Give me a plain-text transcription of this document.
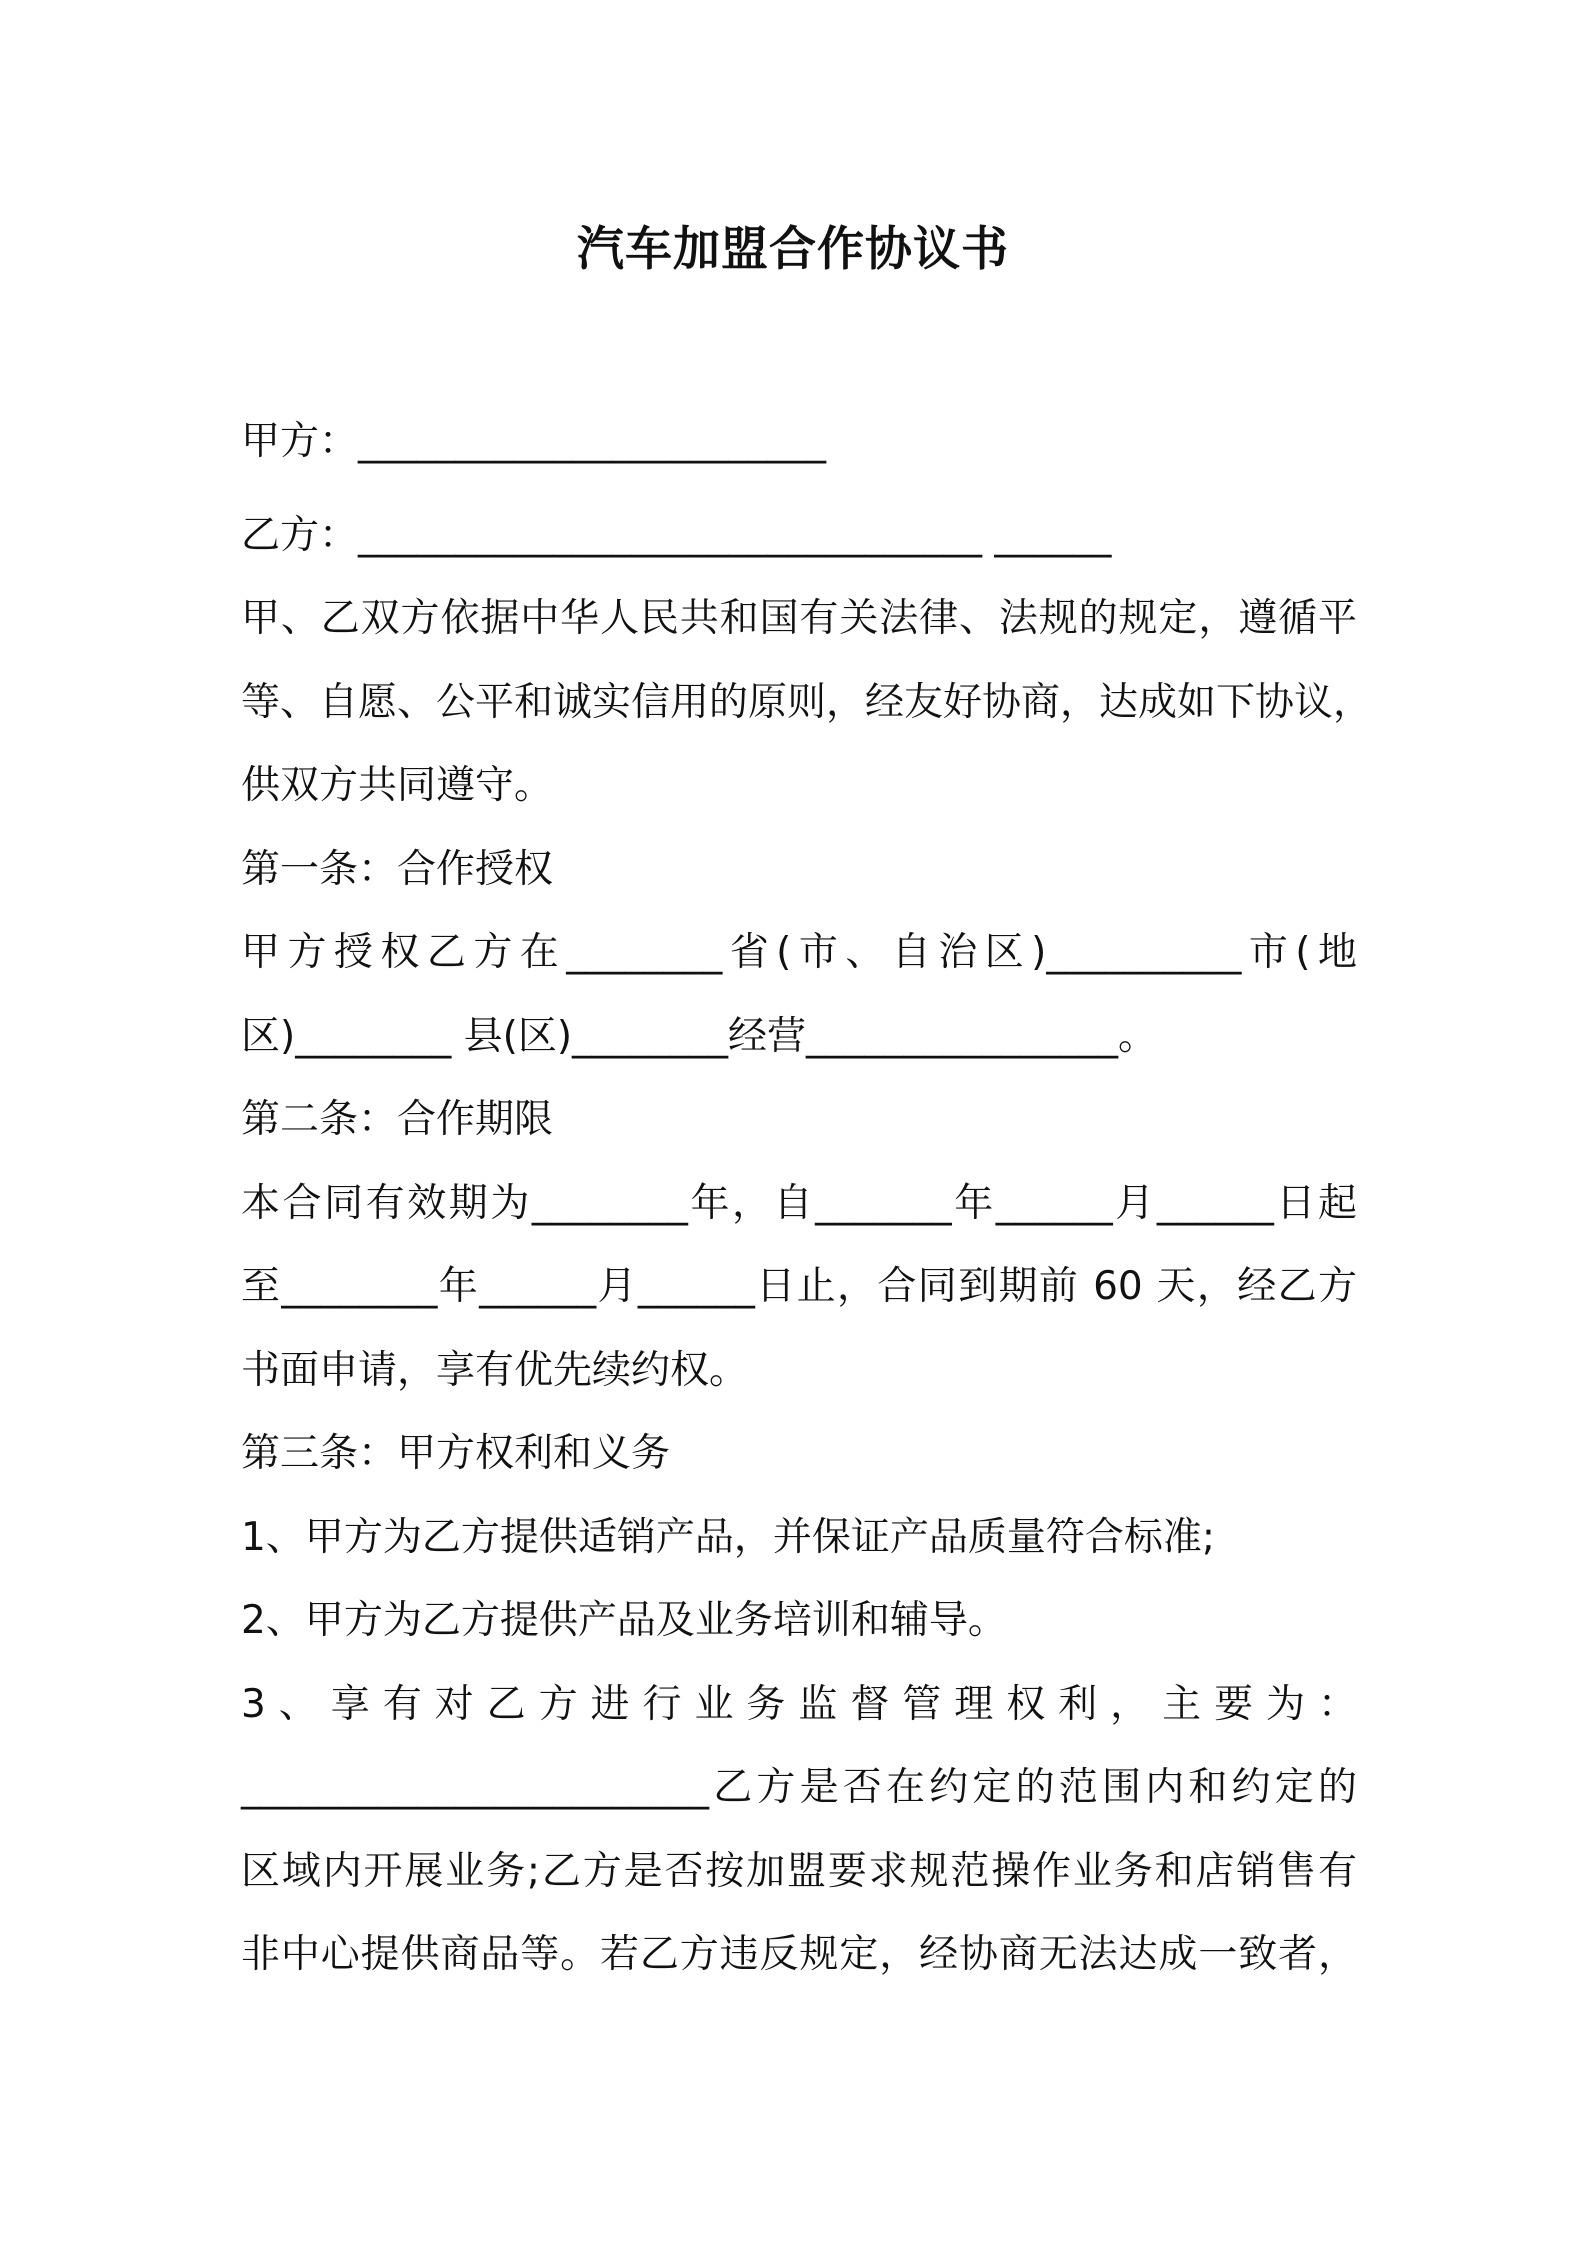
汽车加盟合作协议书
甲方：________________________
乙方：________________________________ ______
甲、乙双方依据中华人民共和国有关法律、法规的规定，遵循平
等、自愿、公平和诚实信用的原则，经友好协商，达成如下协议，
供双方共同遵守。
第一条：合作授权
甲方授权乙方在________省(市、自治区)__________市(地
区)________ 县(区)________经营________________。
第二条：合作期限
本合同有效期为________年，自_______年______月______日起
至________年______月______日止，合同到期前 60 天，经乙方
书面申请，享有优先续约权。
第三条：甲方权利和义务
1、甲方为乙方提供适销产品，并保证产品质量符合标准;
2、甲方为乙方提供产品及业务培训和辅导。
3、享有对乙方进行业务监督管理权利，主要为：
________________________乙方是否在约定的范围内和约定的
区域内开展业务;乙方是否按加盟要求规范操作业务和店销售有
非中心提供商品等。若乙方违反规定，经协商无法达成一致者，
